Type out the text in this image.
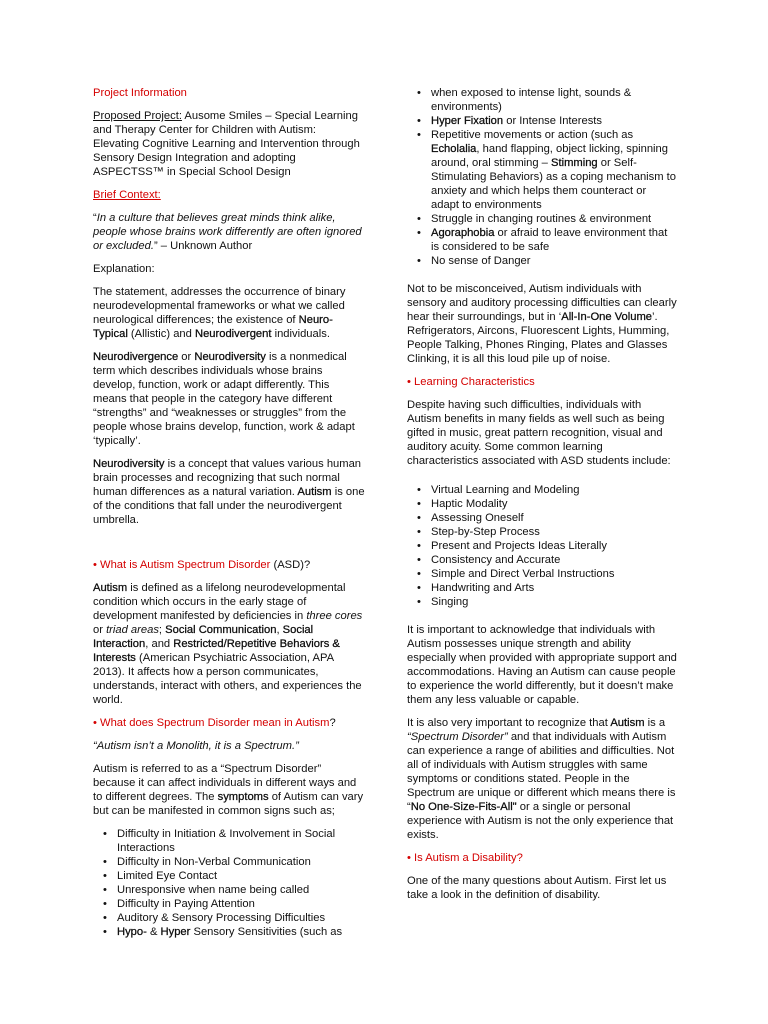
Project Information

Proposed Project: Ausome Smiles – Special Learning and Therapy Center for Children with Autism: Elevating Cognitive Learning and Intervention through Sensory Design Integration and adopting ASPECTSS™ in Special School Design

Brief Context:

“In a culture that believes great minds think alike, people whose brains work differently are often ignored or excluded.” – Unknown Author

Explanation:

The statement, addresses the occurrence of binary neurodevelopmental frameworks or what we called neurological differences; the existence of Neuro-Typical (Allistic) and Neurodivergent individuals.

Neurodivergence or Neurodiversity is a nonmedical term which describes individuals whose brains develop, function, work or adapt differently. This means that people in the category have different “strengths” and “weaknesses or struggles” from the people whose brains develop, function, work & adapt ‘typically’.

Neurodiversity is a concept that values various human brain processes and recognizing that such normal human differences as a natural variation. Autism is one of the conditions that fall under the neurodivergent umbrella.

• What is Autism Spectrum Disorder (ASD)?

Autism is defined as a lifelong neurodevelopmental condition which occurs in the early stage of development manifested by deficiencies in three cores or triad areas; Social Communication, Social Interaction, and Restricted/Repetitive Behaviors & Interests (American Psychiatric Association, APA 2013). It affects how a person communicates, understands, interact with others, and experiences the world.

• What does Spectrum Disorder mean in Autism?

“Autism isn’t a Monolith, it is a Spectrum.”

Autism is referred to as a “Spectrum Disorder” because it can affect individuals in different ways and to different degrees. The symptoms of Autism can vary but can be manifested in common signs such as;

• Difficulty in Initiation & Involvement in Social Interactions
• Difficulty in Non-Verbal Communication
• Limited Eye Contact
• Unresponsive when name being called
• Difficulty in Paying Attention
• Auditory & Sensory Processing Difficulties
• Hypo- & Hyper Sensory Sensitivities (such as
• when exposed to intense light, sounds & environments)
• Hyper Fixation or Intense Interests
• Repetitive movements or action (such as Echolalia, hand flapping, object licking, spinning around, oral stimming – Stimming or Self-Stimulating Behaviors) as a coping mechanism to anxiety and which helps them counteract or adapt to environments
• Struggle in changing routines & environment
• Agoraphobia or afraid to leave environment that is considered to be safe
• No sense of Danger

Not to be misconceived, Autism individuals with sensory and auditory processing difficulties can clearly hear their surroundings, but in ‘All-In-One Volume’. Refrigerators, Aircons, Fluorescent Lights, Humming, People Talking, Phones Ringing, Plates and Glasses Clinking, it is all this loud pile up of noise.

• Learning Characteristics

Despite having such difficulties, individuals with Autism benefits in many fields as well such as being gifted in music, great pattern recognition, visual and auditory acuity. Some common learning characteristics associated with ASD students include:

• Virtual Learning and Modeling
• Haptic Modality
• Assessing Oneself
• Step-by-Step Process
• Present and Projects Ideas Literally
• Consistency and Accurate
• Simple and Direct Verbal Instructions
• Handwriting and Arts
• Singing

It is important to acknowledge that individuals with Autism possesses unique strength and ability especially when provided with appropriate support and accommodations. Having an Autism can cause people to experience the world differently, but it doesn’t make them any less valuable or capable.

It is also very important to recognize that Autism is a “Spectrum Disorder” and that individuals with Autism can experience a range of abilities and difficulties. Not all of individuals with Autism struggles with same symptoms or conditions stated. People in the Spectrum are unique or different which means there is “No One-Size-Fits-All" or a single or personal experience with Autism is not the only experience that exists.

• Is Autism a Disability?

One of the many questions about Autism. First let us take a look in the definition of disability.
